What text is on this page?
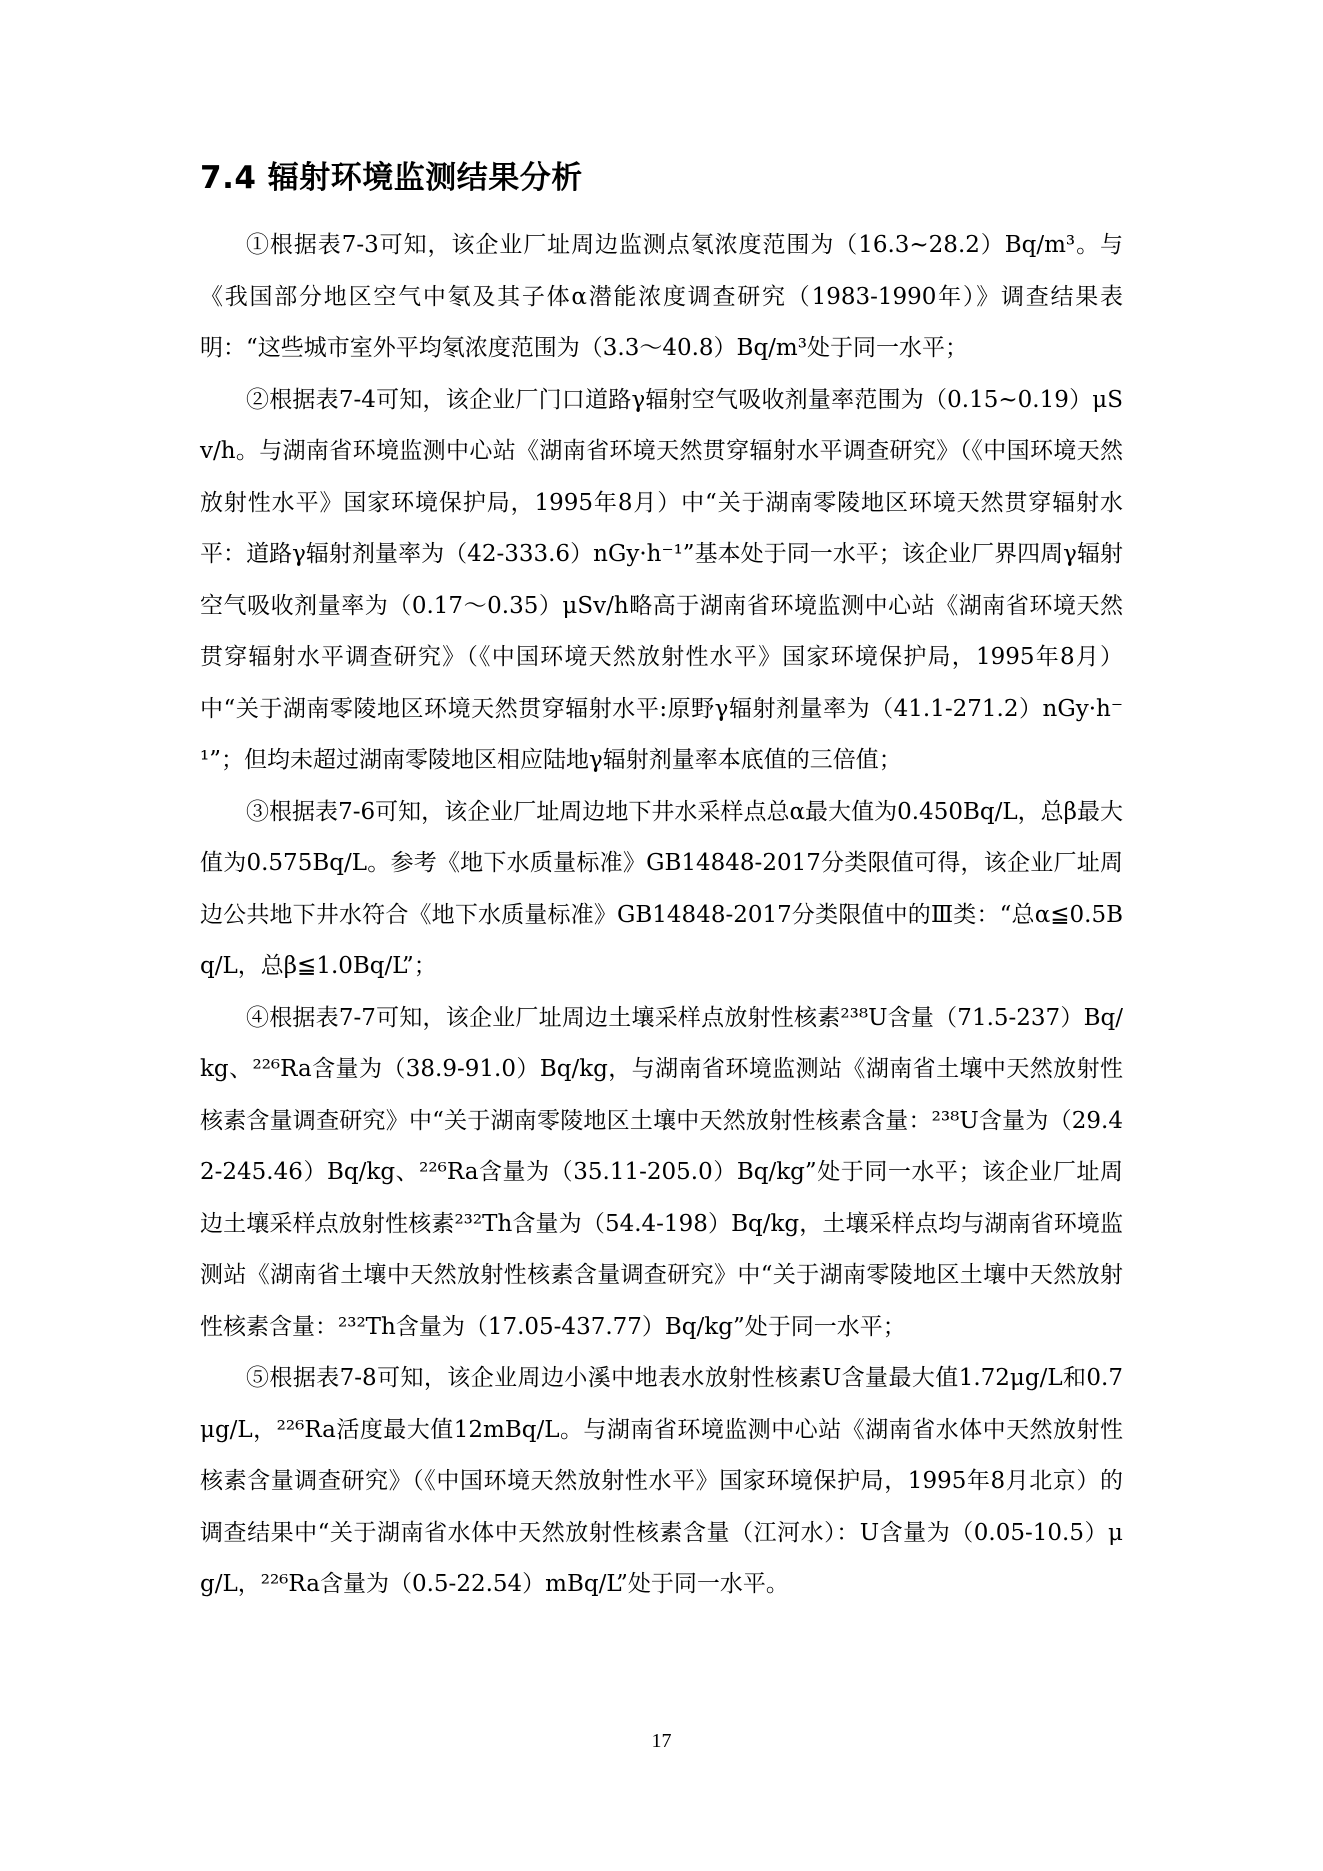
7.4 辐射环境监测结果分析

①根据表7-3可知，该企业厂址周边监测点氡浓度范围为（16.3~28.2）Bq/m³。与《我国部分地区空气中氡及其子体α潜能浓度调查研究（1983-1990年）》调查结果表明：“这些城市室外平均氡浓度范围为（3.3～40.8）Bq/m³处于同一水平；

②根据表7-4可知，该企业厂门口道路γ辐射空气吸收剂量率范围为（0.15~0.19）μSv/h。与湖南省环境监测中心站《湖南省环境天然贯穿辐射水平调查研究》（《中国环境天然放射性水平》国家环境保护局，1995年8月）中“关于湖南零陵地区环境天然贯穿辐射水平：道路γ辐射剂量率为（42-333.6）nGy·h⁻¹”基本处于同一水平；该企业厂界四周γ辐射空气吸收剂量率为（0.17～0.35）μSv/h略高于湖南省环境监测中心站《湖南省环境天然贯穿辐射水平调查研究》（《中国环境天然放射性水平》国家环境保护局，1995年8月）中“关于湖南零陵地区环境天然贯穿辐射水平:原野γ辐射剂量率为（41.1-271.2）nGy·h⁻¹”；但均未超过湖南零陵地区相应陆地γ辐射剂量率本底值的三倍值；

③根据表7-6可知，该企业厂址周边地下井水采样点总α最大值为0.450Bq/L，总β最大值为0.575Bq/L。参考《地下水质量标准》GB14848-2017分类限值可得，该企业厂址周边公共地下井水符合《地下水质量标准》GB14848-2017分类限值中的Ⅲ类：“总α≦0.5Bq/L，总β≦1.0Bq/L”；

④根据表7-7可知，该企业厂址周边土壤采样点放射性核素²³⁸U含量（71.5-237）Bq/kg、²²⁶Ra含量为（38.9-91.0）Bq/kg，与湖南省环境监测站《湖南省土壤中天然放射性核素含量调查研究》中“关于湖南零陵地区土壤中天然放射性核素含量：²³⁸U含量为（29.42-245.46）Bq/kg、²²⁶Ra含量为（35.11-205.0）Bq/kg”处于同一水平；该企业厂址周边土壤采样点放射性核素²³²Th含量为（54.4-198）Bq/kg，土壤采样点均与湖南省环境监测站《湖南省土壤中天然放射性核素含量调查研究》中“关于湖南零陵地区土壤中天然放射性核素含量：²³²Th含量为（17.05-437.77）Bq/kg”处于同一水平；

⑤根据表7-8可知，该企业周边小溪中地表水放射性核素U含量最大值1.72μg/L和0.7μg/L，²²⁶Ra活度最大值12mBq/L。与湖南省环境监测中心站《湖南省水体中天然放射性核素含量调查研究》（《中国环境天然放射性水平》国家环境保护局，1995年8月北京）的调查结果中“关于湖南省水体中天然放射性核素含量（江河水）：U含量为（0.05-10.5）μg/L，²²⁶Ra含量为（0.5-22.54）mBq/L”处于同一水平。

17
